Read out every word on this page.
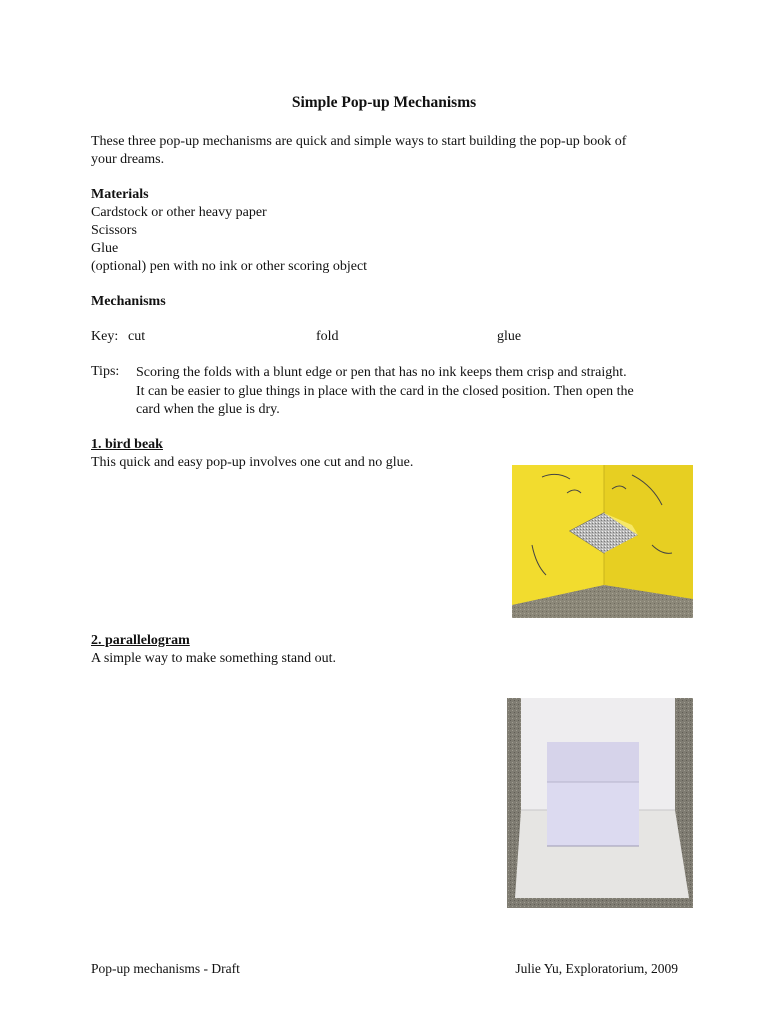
Simple Pop-up Mechanisms
These three pop-up mechanisms are quick and simple ways to start building the pop-up book of
your dreams.
Materials
Cardstock or other heavy paper
Scissors
Glue
(optional) pen with no ink or other scoring object
Mechanisms
Key: cut	fold	glue
Tips: Scoring the folds with a blunt edge or pen that has no ink keeps them crisp and straight.
It can be easier to glue things in place with the card in the closed position. Then open the
card when the glue is dry.
1. bird beak
This quick and easy pop-up involves one cut and no glue.
2. parallelogram
A simple way to make something stand out.
Pop-up mechanisms - Draft	Julie Yu, Exploratorium, 2009
